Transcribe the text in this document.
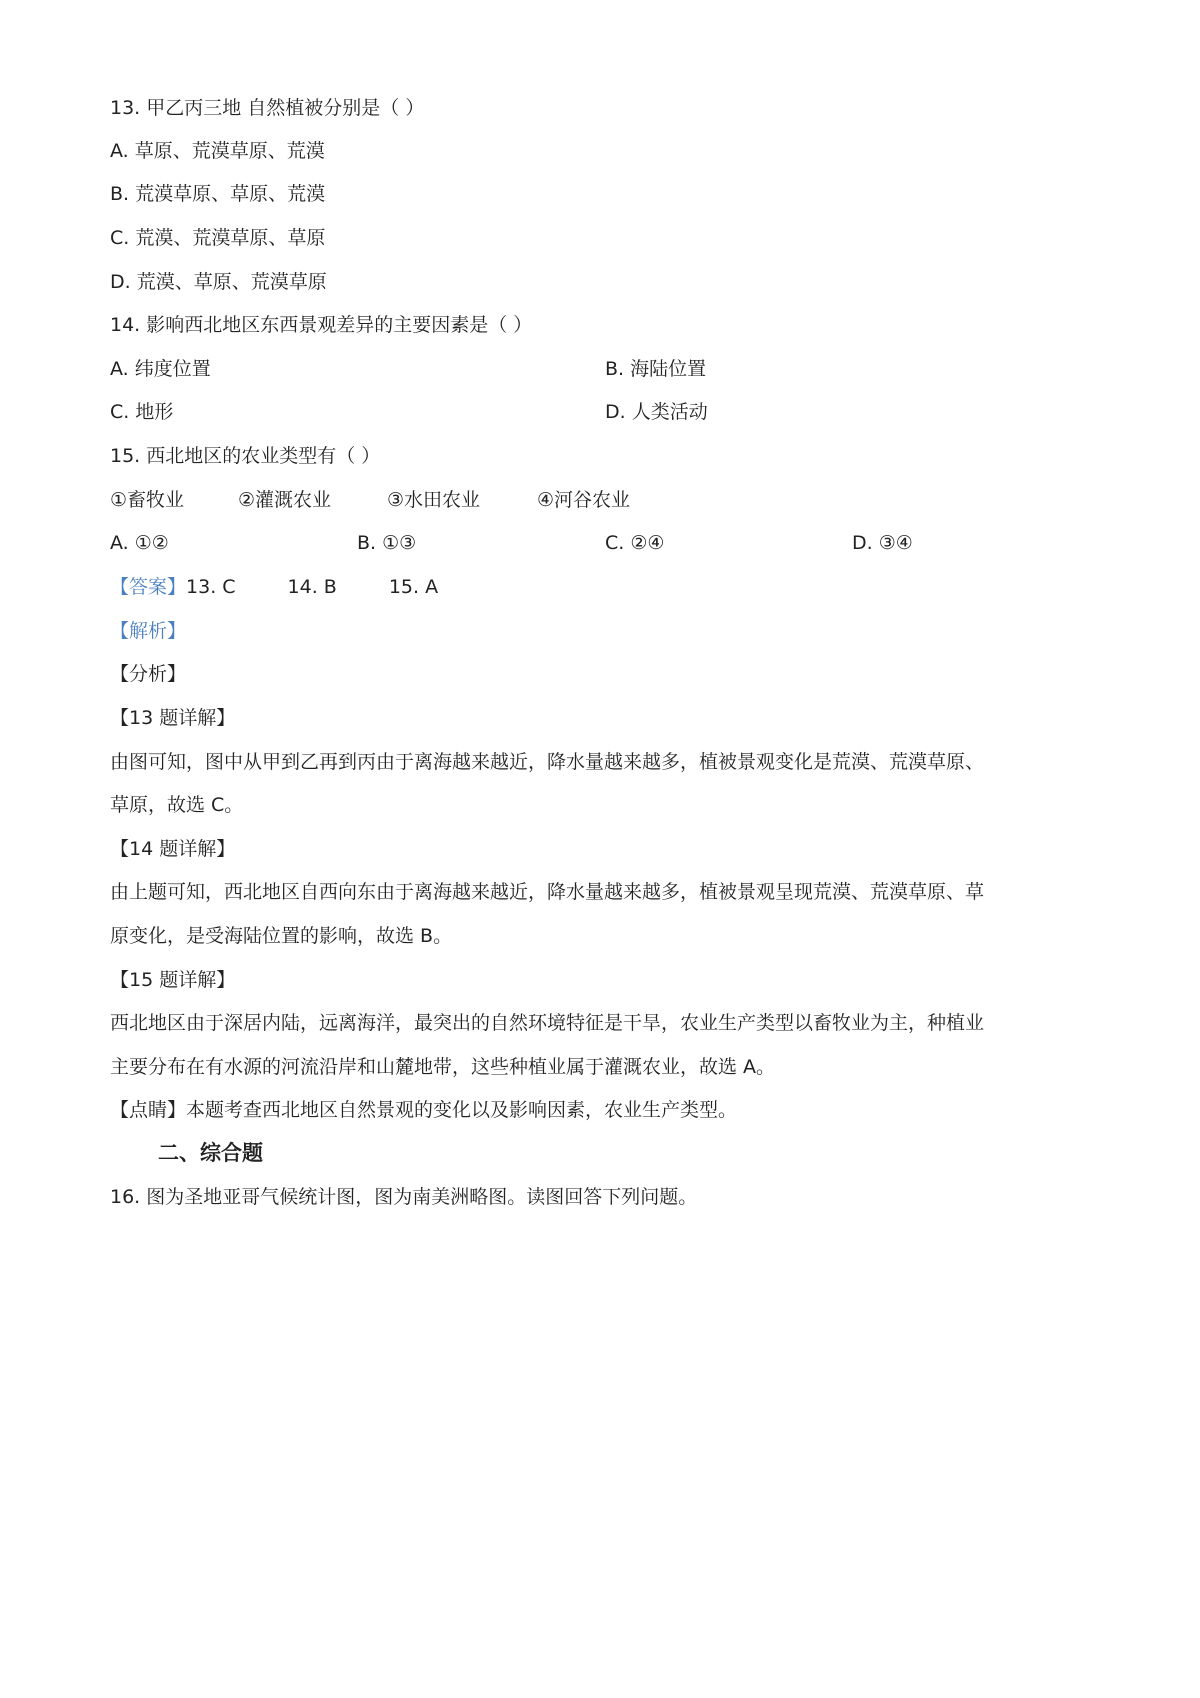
13. 甲乙丙三地 自然植被分别是（ ）
A. 草原、荒漠草原、荒漠
B. 荒漠草原、草原、荒漠
C. 荒漠、荒漠草原、草原
D. 荒漠、草原、荒漠草原
14. 影响西北地区东西景观差异的主要因素是（ ）
A. 纬度位置	B. 海陆位置
C. 地形	D. 人类活动
15. 西北地区的农业类型有（ ）
①畜牧业	②灌溉农业	③水田农业	④河谷农业
A. ①②	B. ①③	C. ②④	D. ③④
【答案】13. C	14. B	15. A
【解析】
【分析】
【13 题详解】
由图可知，图中从甲到乙再到丙由于离海越来越近，降水量越来越多，植被景观变化是荒漠、荒漠草原、
草原，故选 C。
【14 题详解】
由上题可知，西北地区自西向东由于离海越来越近，降水量越来越多，植被景观呈现荒漠、荒漠草原、草
原变化，是受海陆位置的影响，故选 B。
【15 题详解】
西北地区由于深居内陆，远离海洋，最突出的自然环境特征是干旱，农业生产类型以畜牧业为主，种植业
主要分布在有水源的河流沿岸和山麓地带，这些种植业属于灌溉农业，故选 A。
【点睛】本题考查西北地区自然景观的变化以及影响因素，农业生产类型。
二、综合题
16. 图为圣地亚哥气候统计图，图为南美洲略图。读图回答下列问题。
